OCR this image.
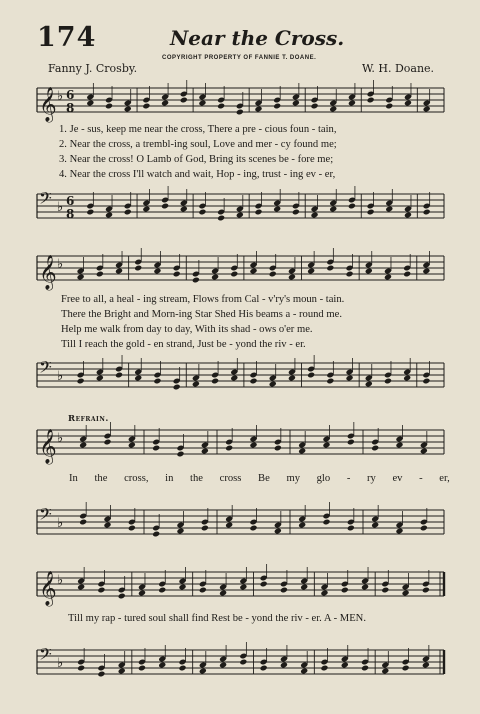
174	Near the Cross.
COPYRIGHT PROPERTY OF FANNIE T. DOANE.
Fanny J. Crosby.	W. H. Doane.
𝄞 ♭ 6
8
1. Je - sus, keep me near the cross, There a pre - cious foun - tain,
2. Near the cross, a trembl-ing soul, Love and mer - cy found me;
3. Near the cross! O Lamb of God, Bring its scenes be - fore me;
4. Near the cross I'll watch and wait, Hop - ing, trust - ing ev - er,
𝄢 ♭ 6
8
𝄞 ♭
Free to all, a heal - ing stream, Flows from Cal - v'ry's moun - tain.
There the Bright and Morn-ing Star Shed His beams a - round me.
Help me walk from day to day, With its shad - ows o'er me.
Till I reach the gold - en strand, Just be - yond the riv - er.
𝄢 ♭
Refrain.
𝄞 ♭
In the cross, in the cross Be my glo - ry ev - er,
𝄢 ♭
𝄞 ♭
Till my rap - tured soul shall find Rest be - yond the riv - er. A - MEN.
𝄢 ♭
